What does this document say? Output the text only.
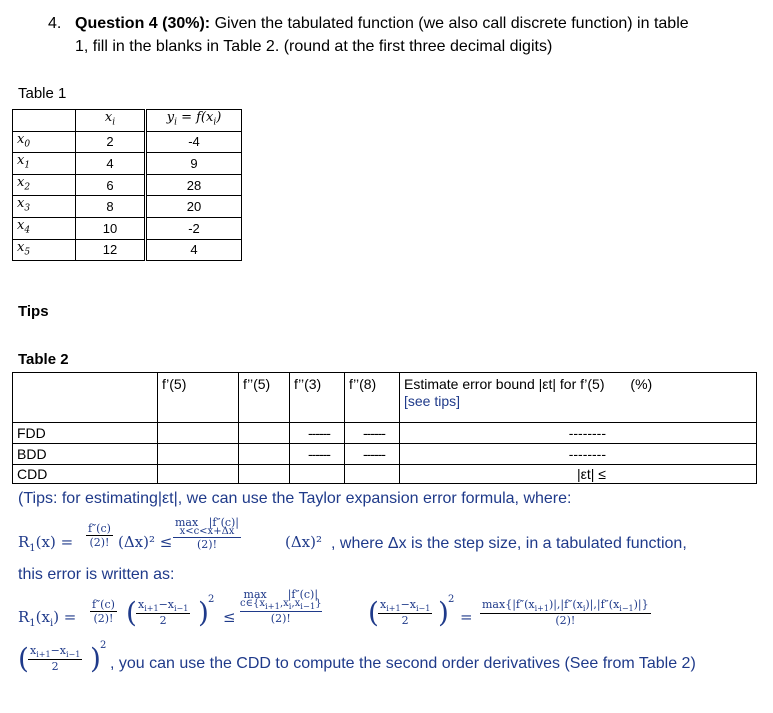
4. Question 4 (30%): Given the tabulated function (we also call discrete function) in table
1, fill in the blanks in Table 2. (round at the first three decimal digits)
Table 1
	$x_i$	$y_i = f(x_i)$
$x_0$	2	-4
$x_1$	4	9
$x_2$	6	28
$x_3$	8	20
$x_4$	10	-2
$x_5$	12	4
Tips
Table 2
	f’(5)	f’’(5)	f’’(3)	f’’(8)	Estimate error bound |εt| for f’(5) (%)
[see tips]
FDD			------	------	--------
BDD			------	------	--------
CDD					|εt| ≤
(Tips: for estimating|εt|, we can use the Taylor expansion error formula, where:
$R_1(x) = \frac{f''(c)}{(2)!} (\Delta x)^2$ ≤
max   |f″(c)|
x<c<x+Δx
(2)!	(Δx)² , where Δx is the step size, in a tabulated function,
this error is written as:
$R_1(x_i) = \frac{f''(c)}{(2)!}$ ( $\frac{x_{i+1}-x_{i-1}}{2}$ ) 2
≤
max      |f″(c)|
$c\in\{x_{i+1},x_i,x_{i-1}\}$
(2)!	( $\frac{x_{i+1}-x_{i-1}}{2}$ ) 2
=
$\max\{|f''(x_{i+1})|,|f''(x_i)|,|f''(x_{i-1})|\}$
(2)!
( $\frac{x_{i+1}-x_{i-1}}{2}$ ) 2
, you can use the CDD to compute the second order derivatives (See from Table 2)
